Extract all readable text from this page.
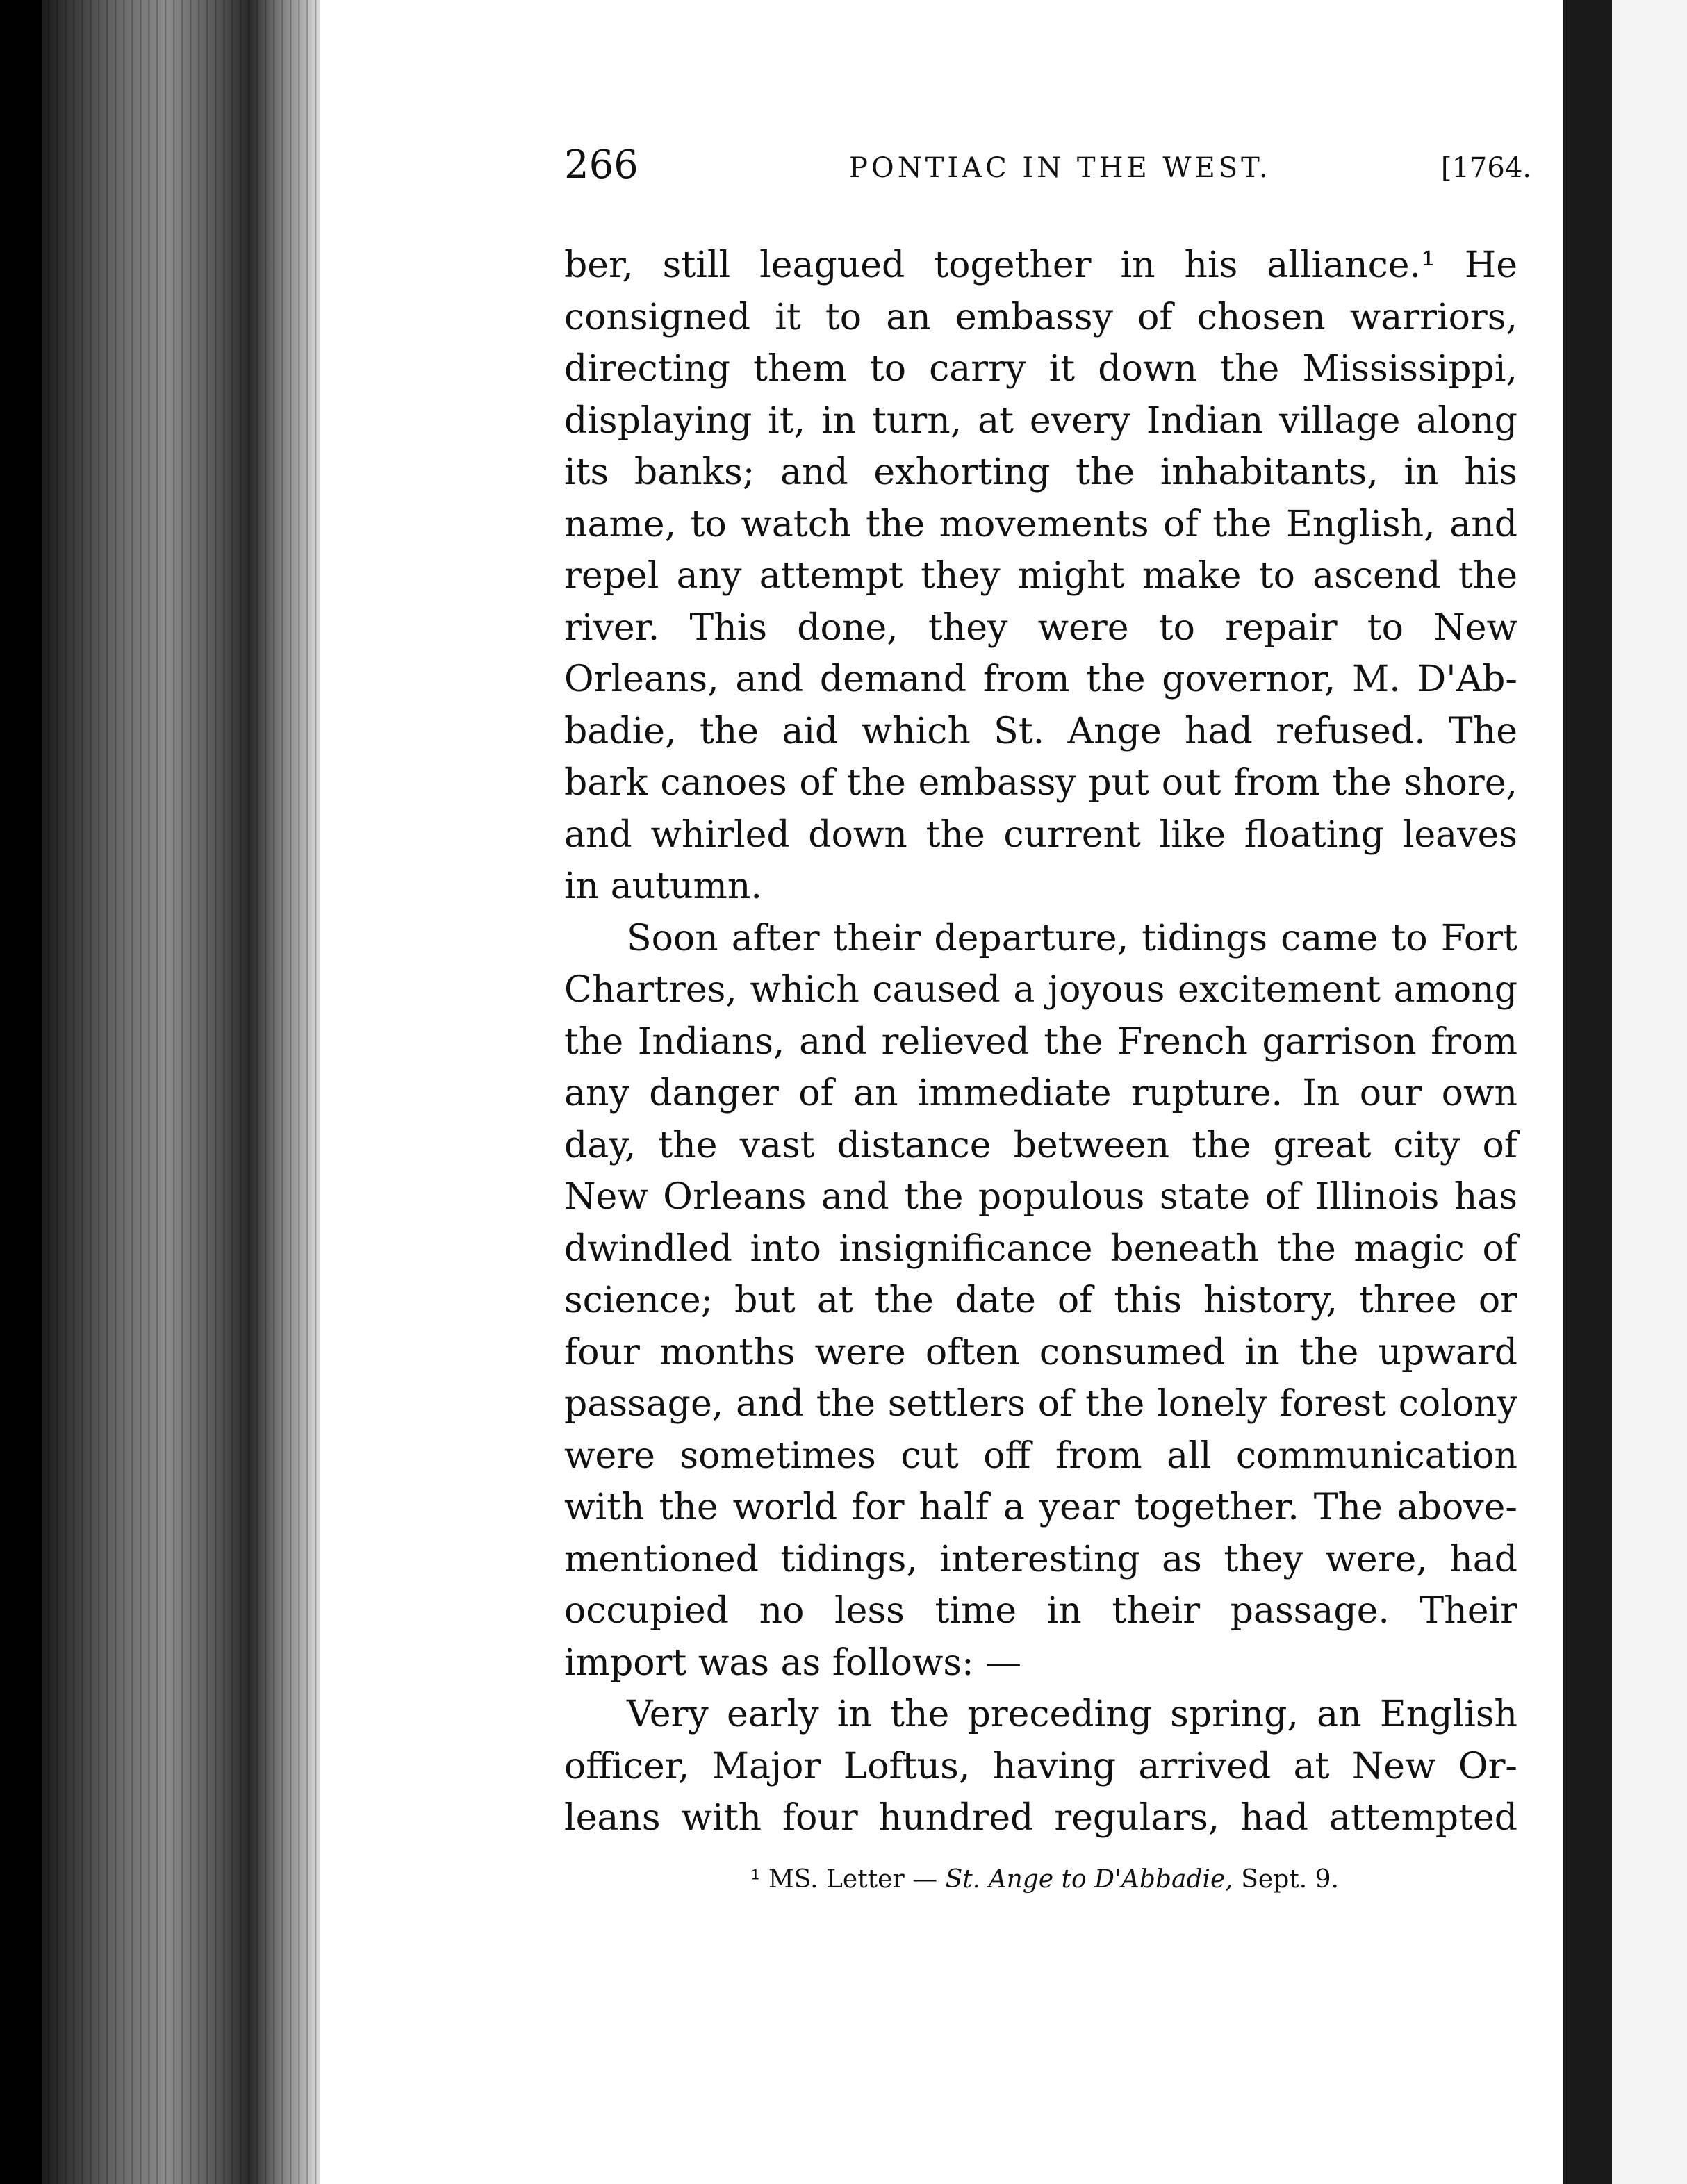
266	PONTIAC IN THE WEST.	[1764.
ber, still leagued together in his alliance.¹ He
consigned it to an embassy of chosen warriors,
directing them to carry it down the Mississippi,
displaying it, in turn, at every Indian village along
its banks; and exhorting the inhabitants, in his
name, to watch the movements of the English, and
repel any attempt they might make to ascend the
river. This done, they were to repair to New
Orleans, and demand from the governor, M. D'Ab-
badie, the aid which St. Ange had refused. The
bark canoes of the embassy put out from the shore,
and whirled down the current like floating leaves
in autumn.
Soon after their departure, tidings came to Fort
Chartres, which caused a joyous excitement among
the Indians, and relieved the French garrison from
any danger of an immediate rupture. In our own
day, the vast distance between the great city of
New Orleans and the populous state of Illinois has
dwindled into insignificance beneath the magic of
science; but at the date of this history, three or
four months were often consumed in the upward
passage, and the settlers of the lonely forest colony
were sometimes cut off from all communication
with the world for half a year together. The above-
mentioned tidings, interesting as they were, had
occupied no less time in their passage. Their
import was as follows: —
Very early in the preceding spring, an English
officer, Major Loftus, having arrived at New Or-
leans with four hundred regulars, had attempted
¹ MS. Letter — St. Ange to D'Abbadie, Sept. 9.
